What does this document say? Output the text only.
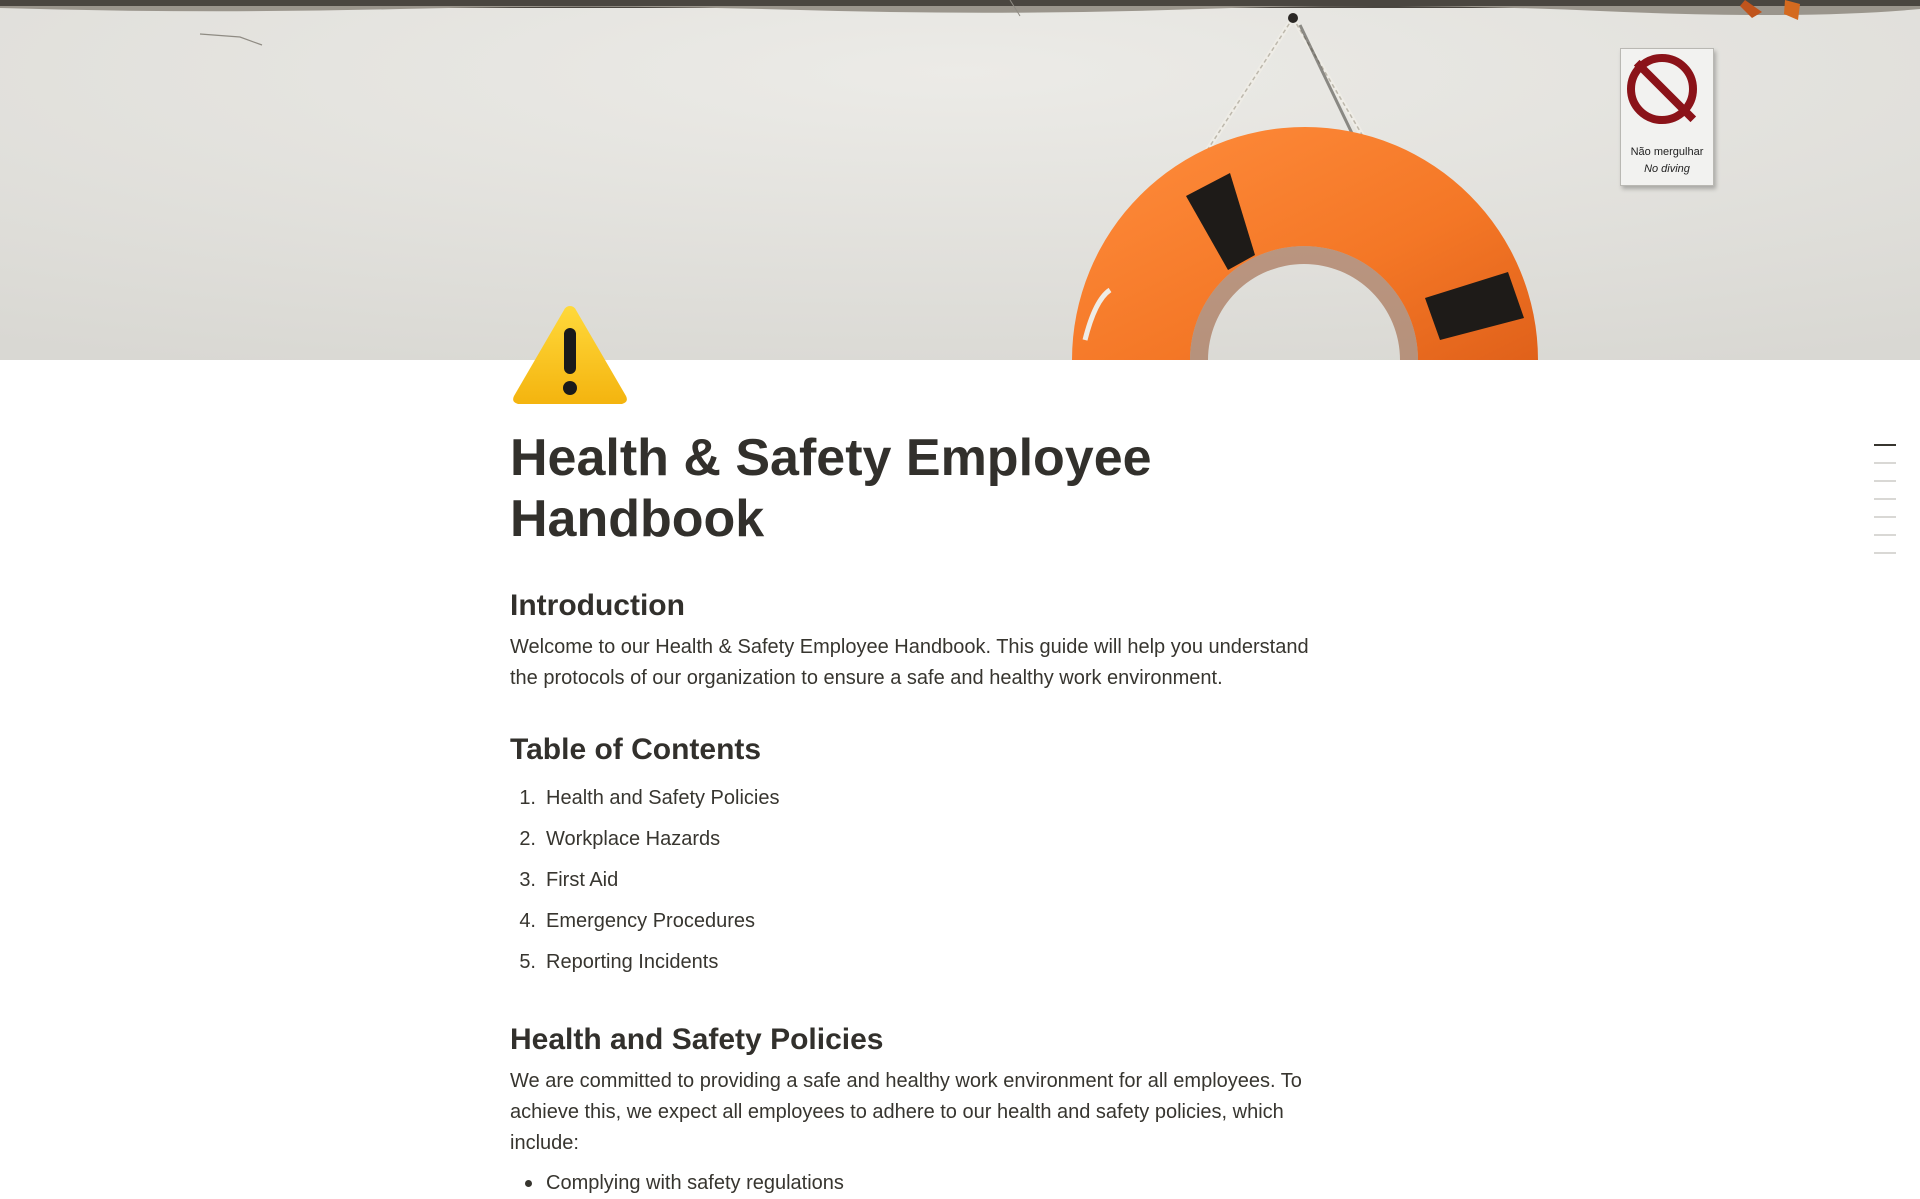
Não mergulhar
No diving
Health & Safety Employee
Handbook
Introduction

Welcome to our Health & Safety Employee Handbook. This guide will help you understand
the protocols of our organization to ensure a safe and healthy work environment.

Table of Contents
1. Health and Safety Policies
2. Workplace Hazards
3. First Aid
4. Emergency Procedures
5. Reporting Incidents
Health and Safety Policies

We are committed to providing a safe and healthy work environment for all employees. To
achieve this, we expect all employees to adhere to our health and safety policies, which
include:

Complying with safety regulations
